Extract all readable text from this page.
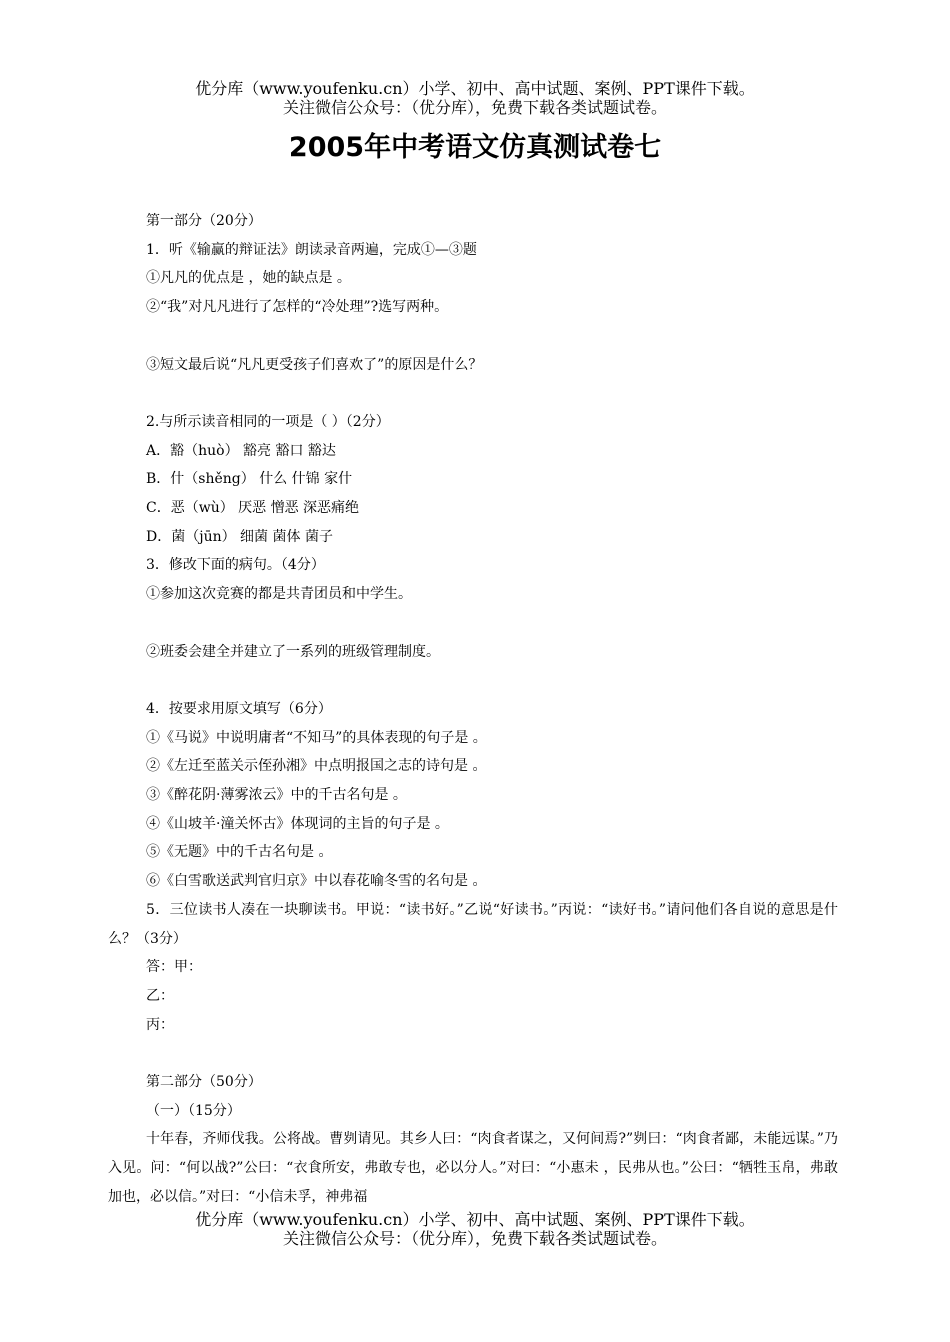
优分库（www.youfenku.cn）小学、初中、高中试题、案例、PPT课件下载。
关注微信公众号：（优分库），免费下载各类试题试卷。
2005年中考语文仿真测试卷七
第一部分（20分）
1．听《输赢的辩证法》朗读录音两遍，完成①—③题
①凡凡的优点是 ，她的缺点是 。
②“我”对凡凡进行了怎样的“冷处理”?选写两种。
③短文最后说“凡凡更受孩子们喜欢了”的原因是什么？
2.与所示读音相同的一项是（ ）（2分）
A．豁（huò） 豁亮 豁口 豁达
B．什（shěng） 什么 什锦 家什
C．恶（wù） 厌恶 憎恶 深恶痛绝
D．菌（jūn） 细菌 菌体 菌子
3．修改下面的病句。（4分）
①参加这次竞赛的都是共青团员和中学生。
②班委会建全并建立了一系列的班级管理制度。
4．按要求用原文填写（6分）
①《马说》中说明庸者“不知马”的具体表现的句子是 。
②《左迁至蓝关示侄孙湘》中点明报国之志的诗句是 。
③《醉花阴·薄雾浓云》中的千古名句是 。
④《山坡羊·潼关怀古》体现词的主旨的句子是 。
⑤《无题》中的千古名句是 。
⑥《白雪歌送武判官归京》中以春花喻冬雪的名句是 。
5．三位读书人凑在一块聊读书。甲说：“读书好。”乙说“好读书。”丙说：“读好书。”请问他们各自说的意思是什么？（3分）
答：甲：
乙：
丙：
第二部分（50分）
（一）（15分）
十年春，齐师伐我。公将战。曹刿请见。其乡人曰：“肉食者谋之，又何间焉?”刿曰：“肉食者鄙，未能远谋。”乃入见。问：“何以战?”公曰：“衣食所安，弗敢专也，必以分人。”对曰：“小惠未 ，民弗从也。”公曰：“牺牲玉帛，弗敢加也，必以信。”对曰：“小信未孚，神弗福
优分库（www.youfenku.cn）小学、初中、高中试题、案例、PPT课件下载。
关注微信公众号：（优分库），免费下载各类试题试卷。
